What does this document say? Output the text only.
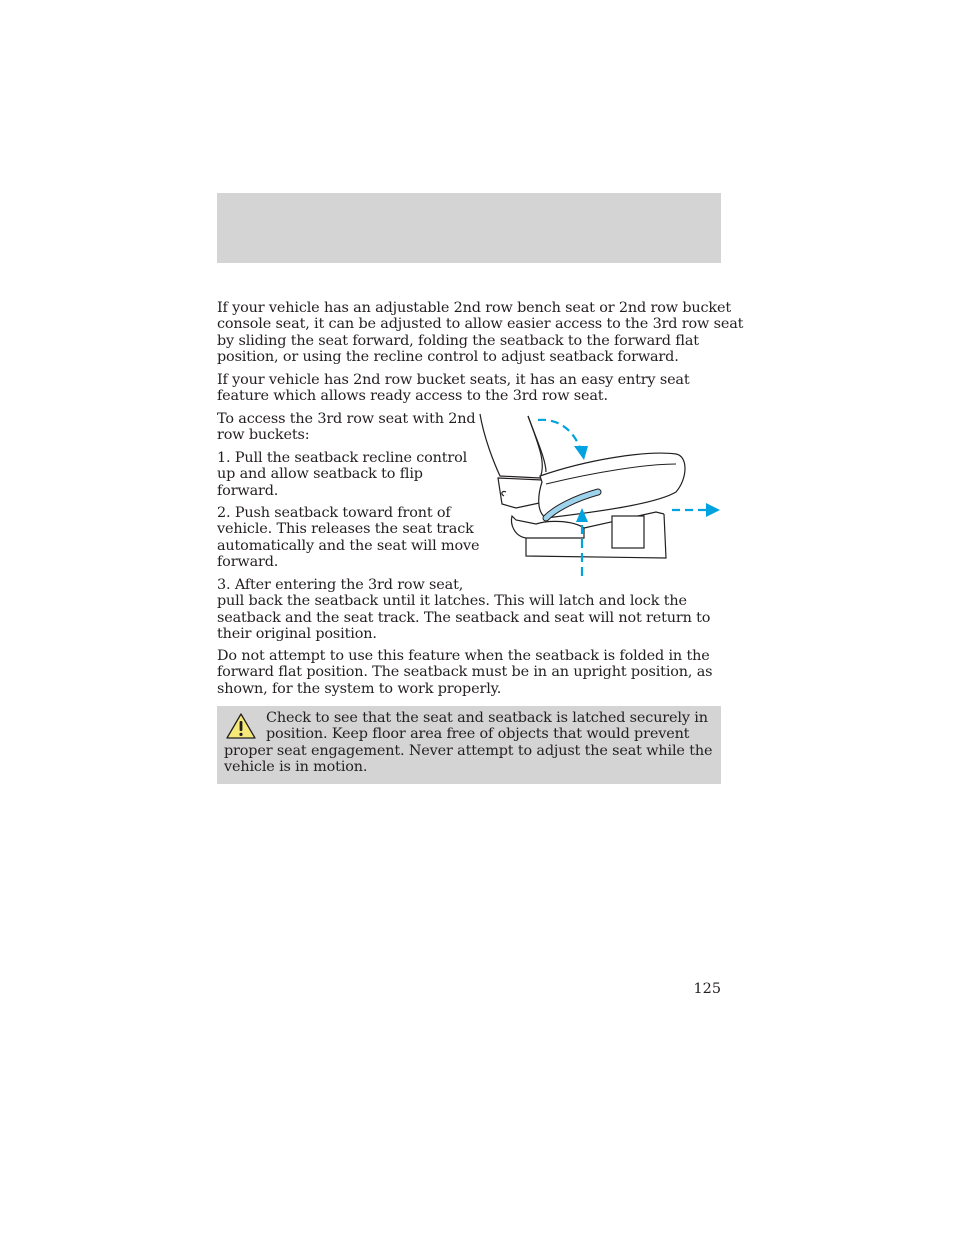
If your vehicle has an adjustable 2nd row bench seat or 2nd row bucket
console seat, it can be adjusted to allow easier access to the 3rd row seat
by sliding the seat forward, folding the seatback to the forward flat
position, or using the recline control to adjust seatback forward.

If your vehicle has 2nd row bucket seats, it has an easy entry seat
feature which allows ready access to the 3rd row seat.

To access the 3rd row seat with 2nd
row buckets:

1. Pull the seatback recline control
up and allow seatback to flip
forward.

2. Push seatback toward front of
vehicle. This releases the seat track
automatically and the seat will move
forward.

3. After entering the 3rd row seat,
pull back the seatback until it latches. This will latch and lock the
seatback and the seat track. The seatback and seat will not return to
their original position.

Do not attempt to use this feature when the seatback is folded in the
forward flat position. The seatback must be in an upright position, as
shown, for the system to work properly.

Check to see that the seat and seatback is latched securely in
position. Keep floor area free of objects that would prevent

proper seat engagement. Never attempt to adjust the seat while the
vehicle is in motion.

125
